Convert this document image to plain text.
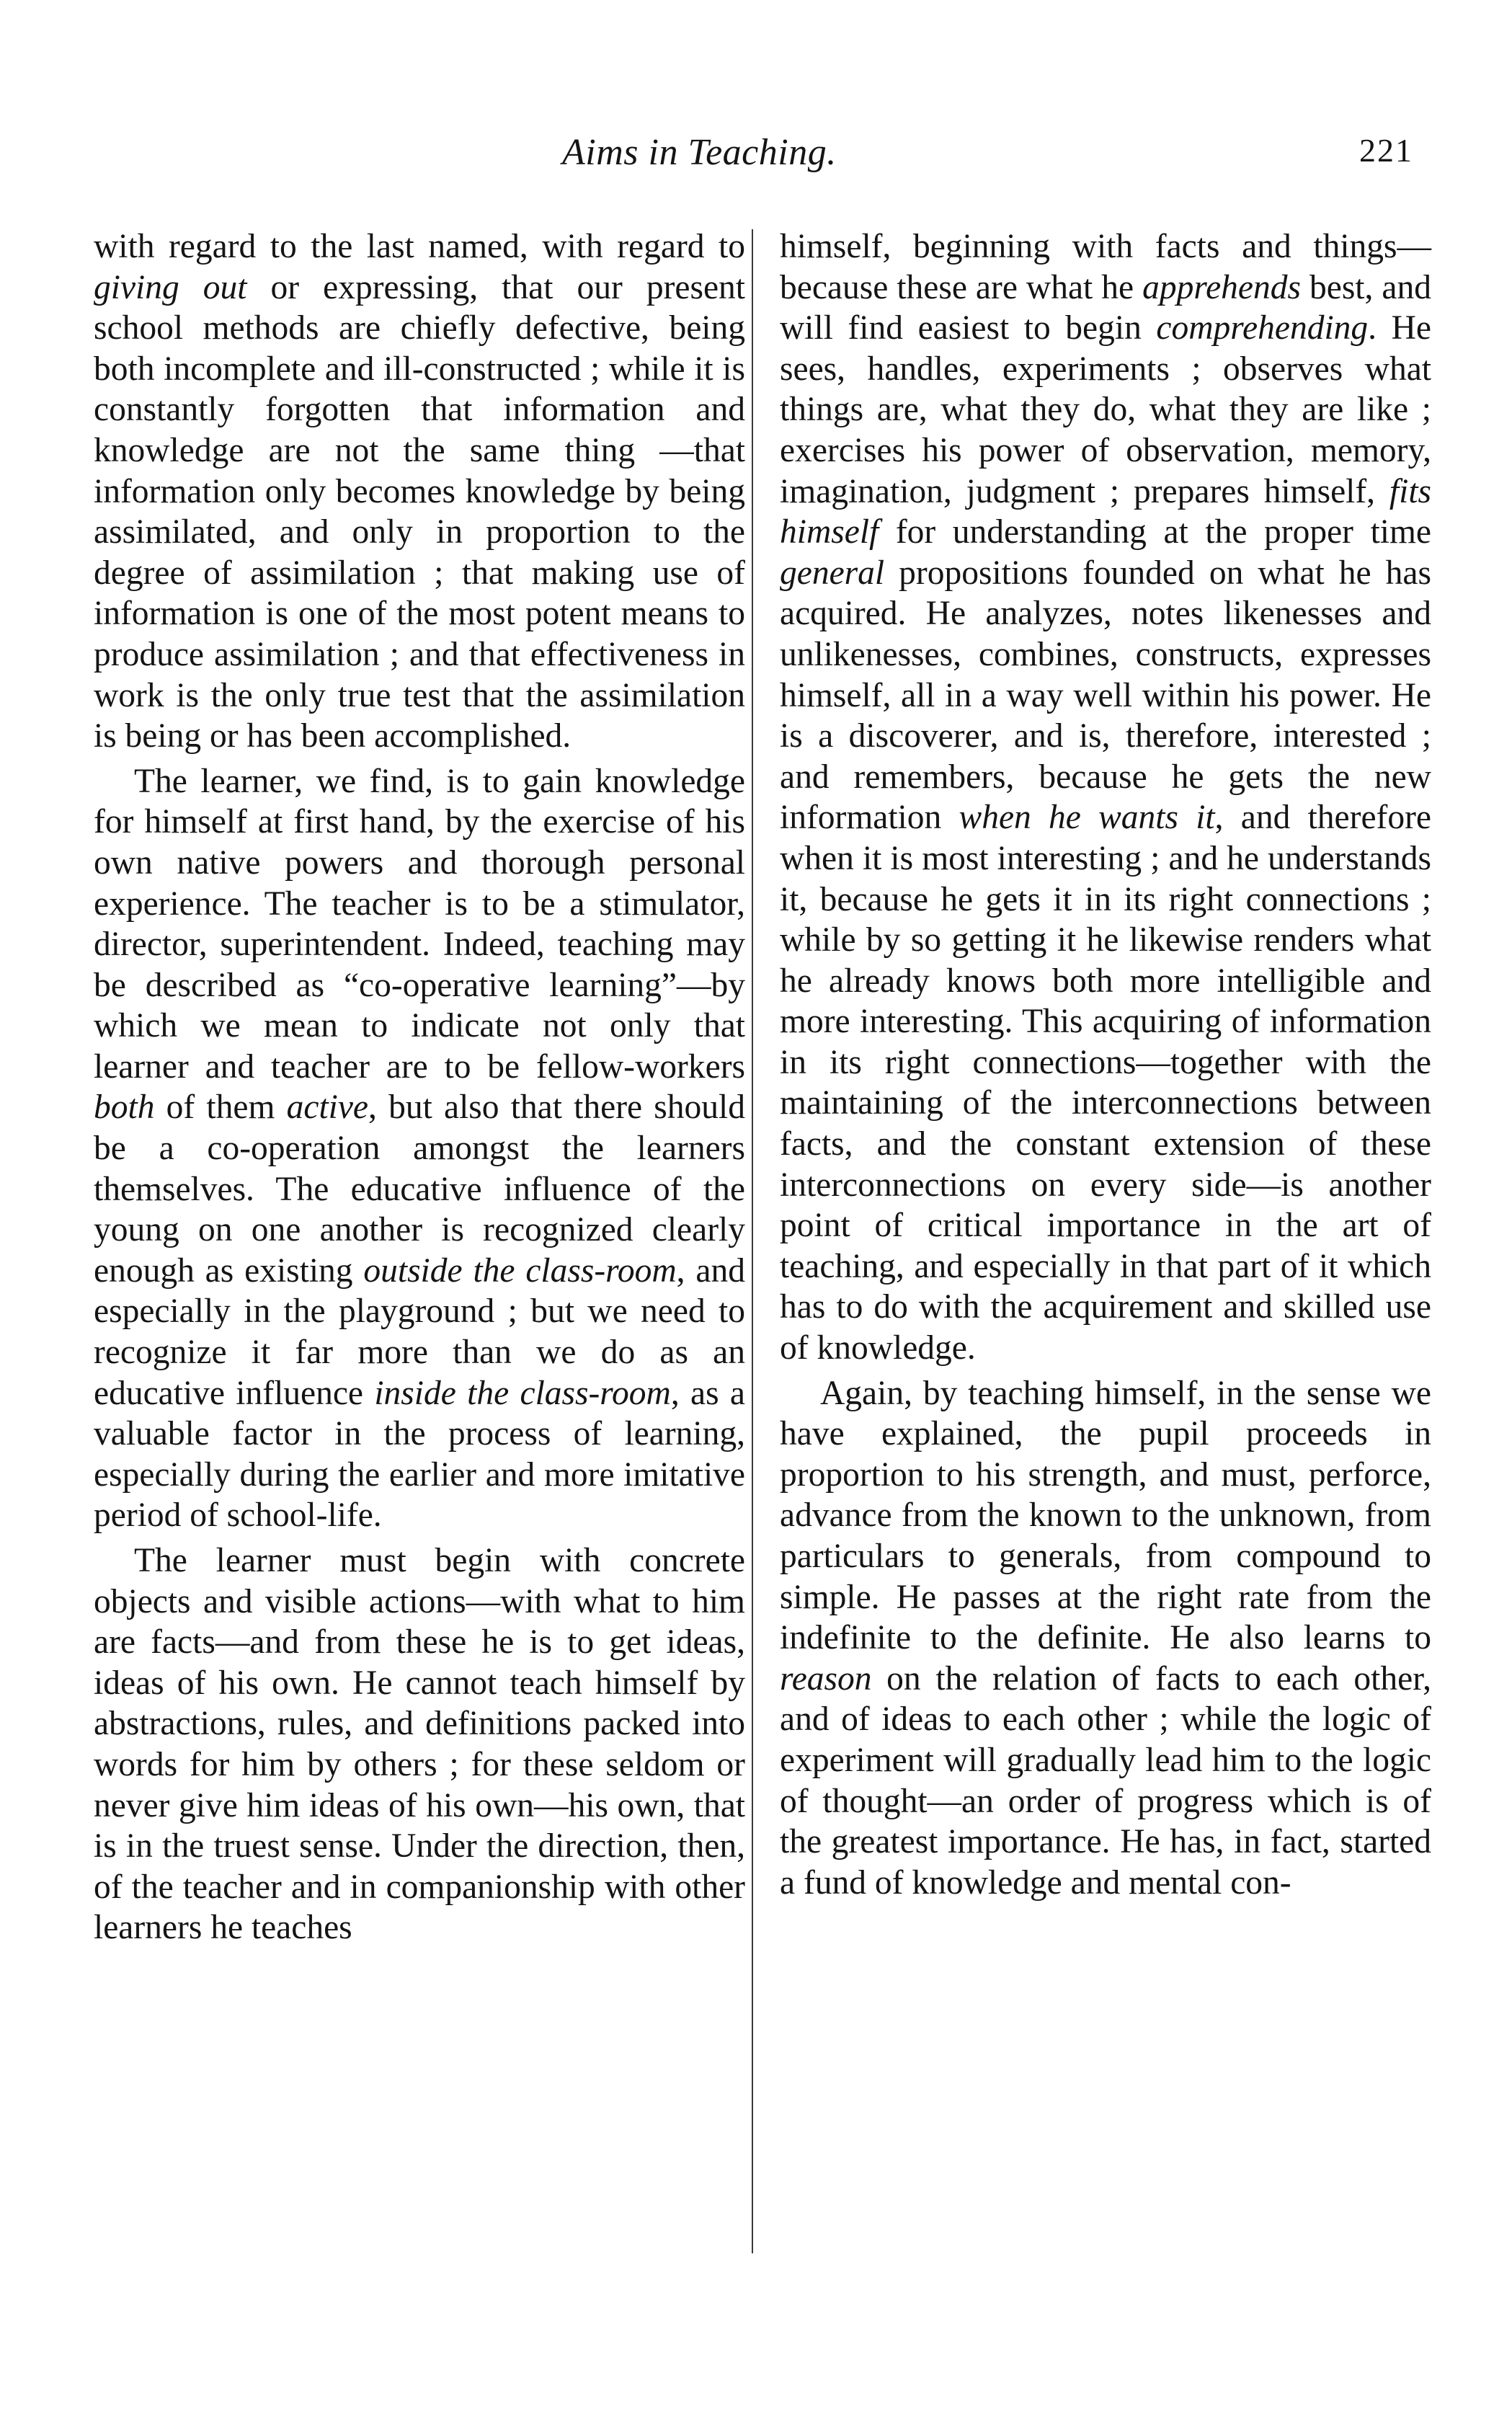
Aims in Teaching.	221

with regard to the last named, with regard to giving out or expressing, that our present school methods are chiefly defective, being both incomplete and ill-constructed ; while it is constantly forgotten that information and knowledge are not the same thing —that information only becomes knowledge by being assimilated, and only in proportion to the degree of assimilation ; that making use of information is one of the most potent means to produce assimilation ; and that effectiveness in work is the only true test that the assimilation is being or has been accomplished.

The learner, we find, is to gain knowledge for himself at first hand, by the exercise of his own native powers and thorough personal experience. The teacher is to be a stimulator, director, superintendent. Indeed, teaching may be described as “co-operative learning”—by which we mean to indicate not only that learner and teacher are to be fellow-workers both of them active, but also that there should be a co-operation amongst the learners themselves. The educative influence of the young on one another is recognized clearly enough as existing outside the class-room, and especially in the playground ; but we need to recognize it far more than we do as an educative influence inside the class-room, as a valuable factor in the process of learning, especially during the earlier and more imitative period of school-life.

The learner must begin with concrete objects and visible actions—with what to him are facts—and from these he is to get ideas, ideas of his own. He cannot teach himself by abstractions, rules, and definitions packed into words for him by others ; for these seldom or never give him ideas of his own—his own, that is in the truest sense. Under the direction, then, of the teacher and in companionship with other learners he teaches

himself, beginning with facts and things—because these are what he apprehends best, and will find easiest to begin comprehending. He sees, handles, experiments ; observes what things are, what they do, what they are like ; exercises his power of observation, memory, imagination, judgment ; prepares himself, fits himself for understanding at the proper time general propositions founded on what he has acquired. He analyzes, notes likenesses and unlikenesses, combines, constructs, expresses himself, all in a way well within his power. He is a discoverer, and is, therefore, interested ; and remembers, because he gets the new information when he wants it, and therefore when it is most interesting ; and he understands it, because he gets it in its right connections ; while by so getting it he likewise renders what he already knows both more intelligible and more interesting. This acquiring of information in its right connections—together with the maintaining of the interconnections between facts, and the constant extension of these interconnections on every side—is another point of critical importance in the art of teaching, and especially in that part of it which has to do with the acquirement and skilled use of knowledge.

Again, by teaching himself, in the sense we have explained, the pupil proceeds in proportion to his strength, and must, perforce, advance from the known to the unknown, from particulars to generals, from compound to simple. He passes at the right rate from the indefinite to the definite. He also learns to reason on the relation of facts to each other, and of ideas to each other ; while the logic of experiment will gradually lead him to the logic of thought—an order of progress which is of the greatest importance. He has, in fact, started a fund of knowledge and mental con-
